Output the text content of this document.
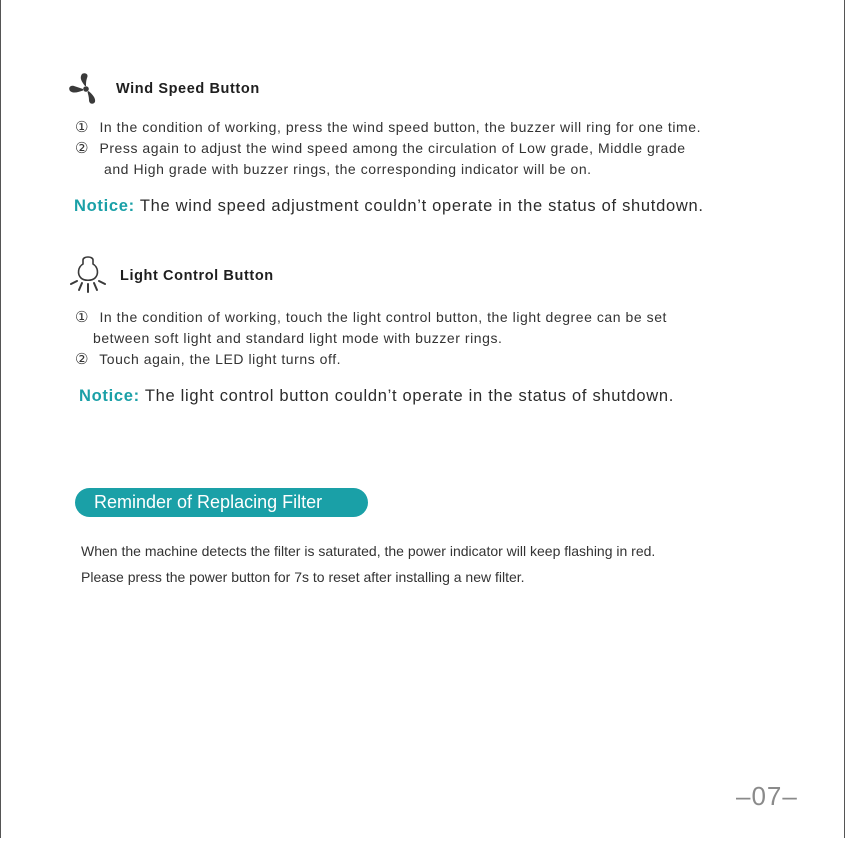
Wind Speed Button
① In the condition of working, press the wind speed button, the buzzer will ring for one time.
② Press again to adjust the wind speed among the circulation of Low grade, Middle grade
and High grade with buzzer rings, the corresponding indicator will be on.
Notice: The wind speed adjustment couldn’t operate in the status of shutdown.
Light Control Button
① In the condition of working, touch the light control button, the light degree can be set
between soft light and standard light mode with buzzer rings.
② Touch again, the LED light turns off.
Notice: The light control button couldn’t operate in the status of shutdown.
Reminder of Replacing Filter
When the machine detects the filter is saturated, the power indicator will keep flashing in red.
Please press the power button for 7s to reset after installing a new filter.
–07–
